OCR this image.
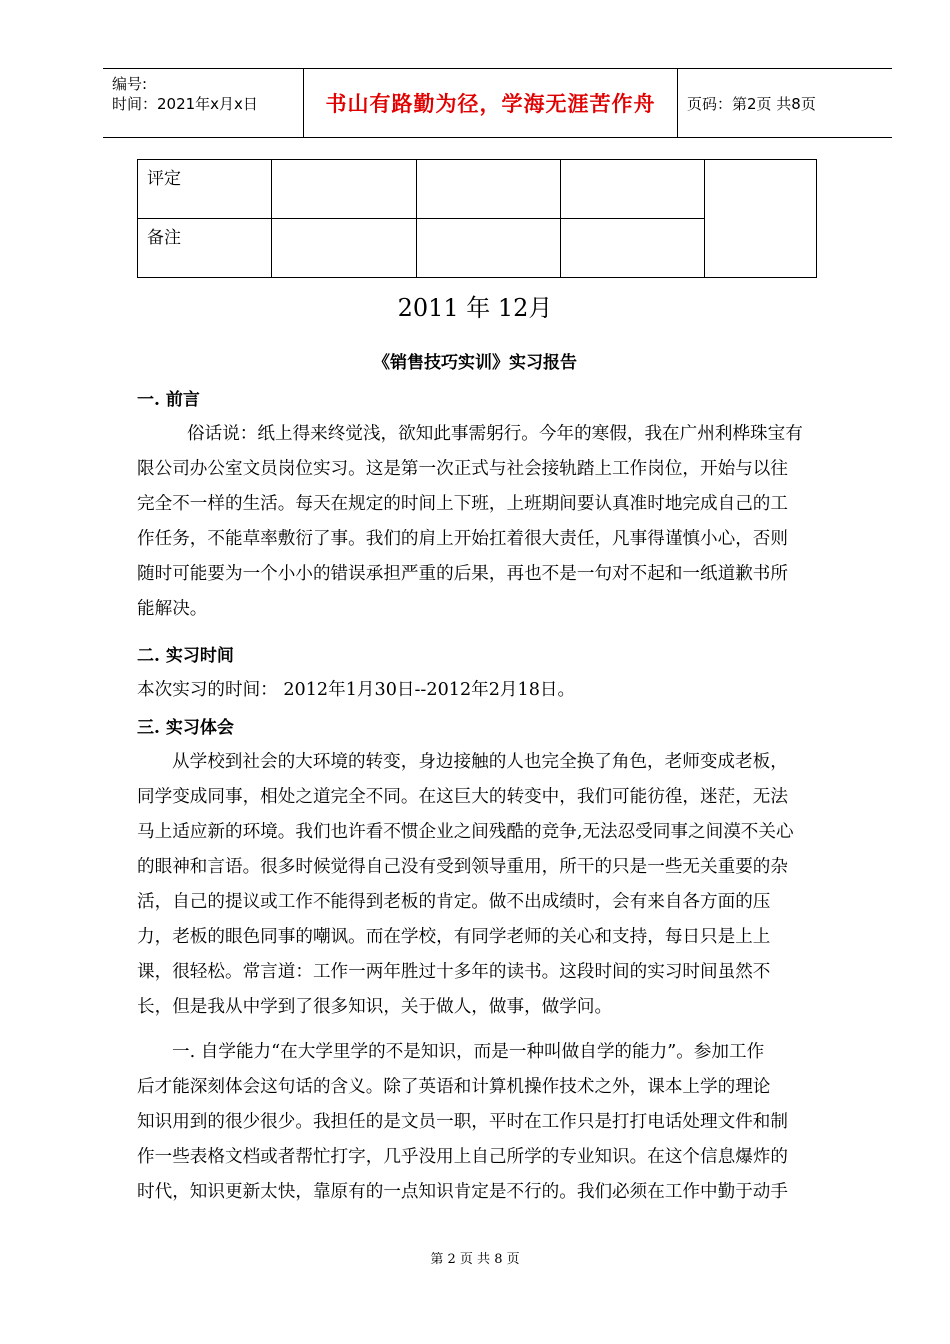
编号:
时间：2021年x月x日	书山有路勤为径，学海无涯苦作舟 页码：第2页 共8页
评定
备注
2011 年 12月
《销售技巧实训》实习报告
一. 前言
俗话说：纸上得来终觉浅，欲知此事需躬行。今年的寒假，我在广州利桦珠宝有
限公司办公室文员岗位实习。这是第一次正式与社会接轨踏上工作岗位，开始与以往
完全不一样的生活。每天在规定的时间上下班，上班期间要认真准时地完成自己的工
作任务，不能草率敷衍了事。我们的肩上开始扛着很大责任，凡事得谨慎小心，否则
随时可能要为一个小小的错误承担严重的后果，再也不是一句对不起和一纸道歉书所
能解决。
二. 实习时间
本次实习的时间： 2012年1月30日--2012年2月18日。
三. 实习体会
从学校到社会的大环境的转变，身边接触的人也完全换了角色，老师变成老板，
同学变成同事，相处之道完全不同。在这巨大的转变中，我们可能彷徨，迷茫，无法
马上适应新的环境。我们也许看不惯企业之间残酷的竞争,无法忍受同事之间漠不关心
的眼神和言语。很多时候觉得自己没有受到领导重用，所干的只是一些无关重要的杂
活，自己的提议或工作不能得到老板的肯定。做不出成绩时，会有来自各方面的压
力，老板的眼色同事的嘲讽。而在学校，有同学老师的关心和支持，每日只是上上
课，很轻松。常言道：工作一两年胜过十多年的读书。这段时间的实习时间虽然不
长，但是我从中学到了很多知识，关于做人，做事，做学问。
一. 自学能力“在大学里学的不是知识，而是一种叫做自学的能力”。参加工作
后才能深刻体会这句话的含义。除了英语和计算机操作技术之外，课本上学的理论
知识用到的很少很少。我担任的是文员一职，平时在工作只是打打电话处理文件和制
作一些表格文档或者帮忙打字，几乎没用上自己所学的专业知识。在这个信息爆炸的
时代，知识更新太快，靠原有的一点知识肯定是不行的。我们必须在工作中勤于动手
第 2 页 共 8 页
